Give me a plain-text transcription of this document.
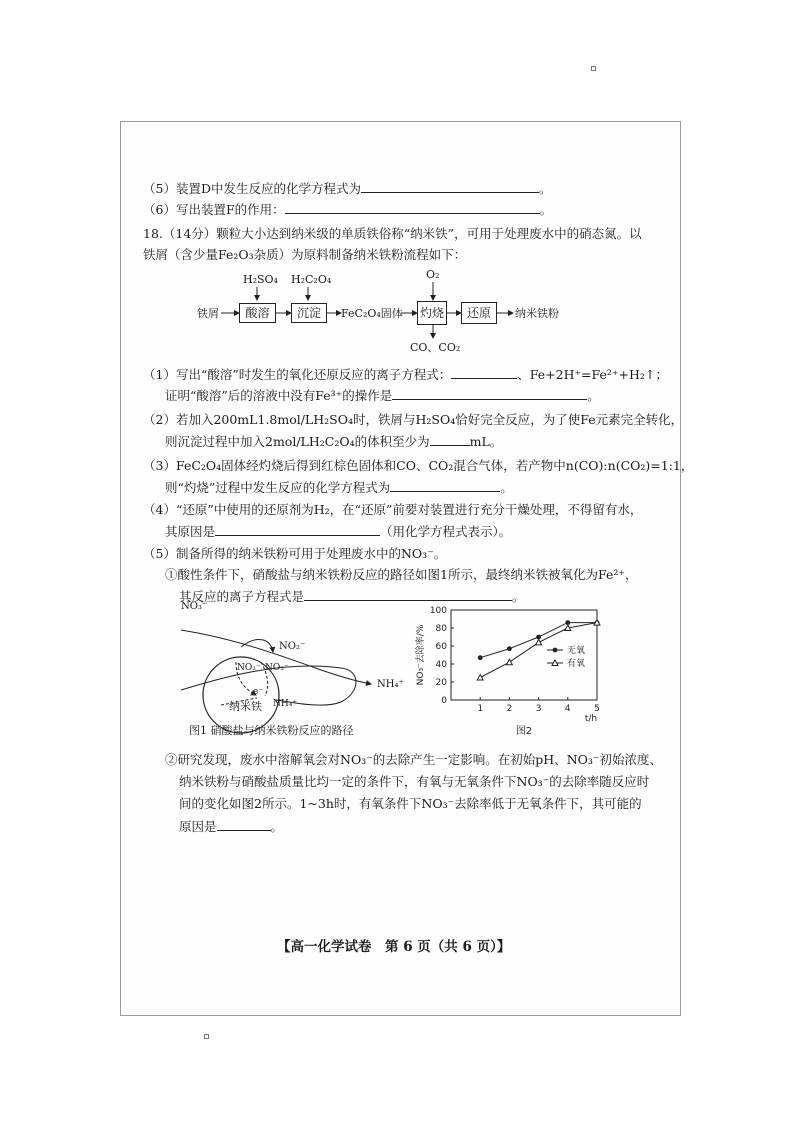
（5）装置D中发生反应的化学方程式为	。
（6）写出装置F的作用：	。
18.（14分）颗粒大小达到纳米级的单质铁俗称“纳米铁”，可用于处理废水中的硝态氮。以
铁屑（含少量Fe₂O₃杂质）为原料制备纳米铁粉流程如下：
铁屑	酸溶
H₂SO₄
沉淀
H₂C₂O₄
FeC₂O₄固体 灼烧
O₂
CO、CO₂
还原	纳米铁粉
（1）写出“酸溶”时发生的氧化还原反应的离子方程式：	、Fe+2H⁺=Fe²⁺+H₂↑；
证明“酸溶”后的溶液中没有Fe³⁺的操作是	。
（2）若加入200mL1.8mol/LH₂SO₄时，铁屑与H₂SO₄恰好完全反应，为了使Fe元素完全转化，
则沉淀过程中加入2mol/LH₂C₂O₄的体积至少为	mL。
（3）FeC₂O₄固体经灼烧后得到红棕色固体和CO、CO₂混合气体，若产物中n(CO):n(CO₂)=1:1，
则“灼烧”过程中发生反应的化学方程式为	。
（4）“还原”中使用的还原剂为H₂，在“还原”前要对装置进行充分干燥处理，不得留有水，
其原因是	（用化学方程式表示）。
（5）制备所得的纳米铁粉可用于处理废水中的NO₃⁻。
①酸性条件下，硝酸盐与纳米铁粉反应的路径如图1所示，最终纳米铁被氧化为Fe²⁺，
其反应的离子方程式是	。
NO₃⁻
NO₂⁻
NO₂⁻ NO₃⁻
e⁻
纳米铁 NH₄⁺
NH₄⁺
图1 硝酸盐与纳米铁粉反应的路径
0
20
40
60
80
100
1	2	3	4	5
t/h
NO₃⁻去除率/%
图2
无氧
有氧
②研究发现，废水中溶解氧会对NO₃⁻的去除产生一定影响。在初始pH、NO₃⁻初始浓度、
纳米铁粉与硝酸盐质量比均一定的条件下，有氧与无氧条件下NO₃⁻的去除率随反应时
间的变化如图2所示。1~3h时，有氧条件下NO₃⁻去除率低于无氧条件下，其可能的
原因是	。
【高一化学试卷　第 6 页（共 6 页）】
